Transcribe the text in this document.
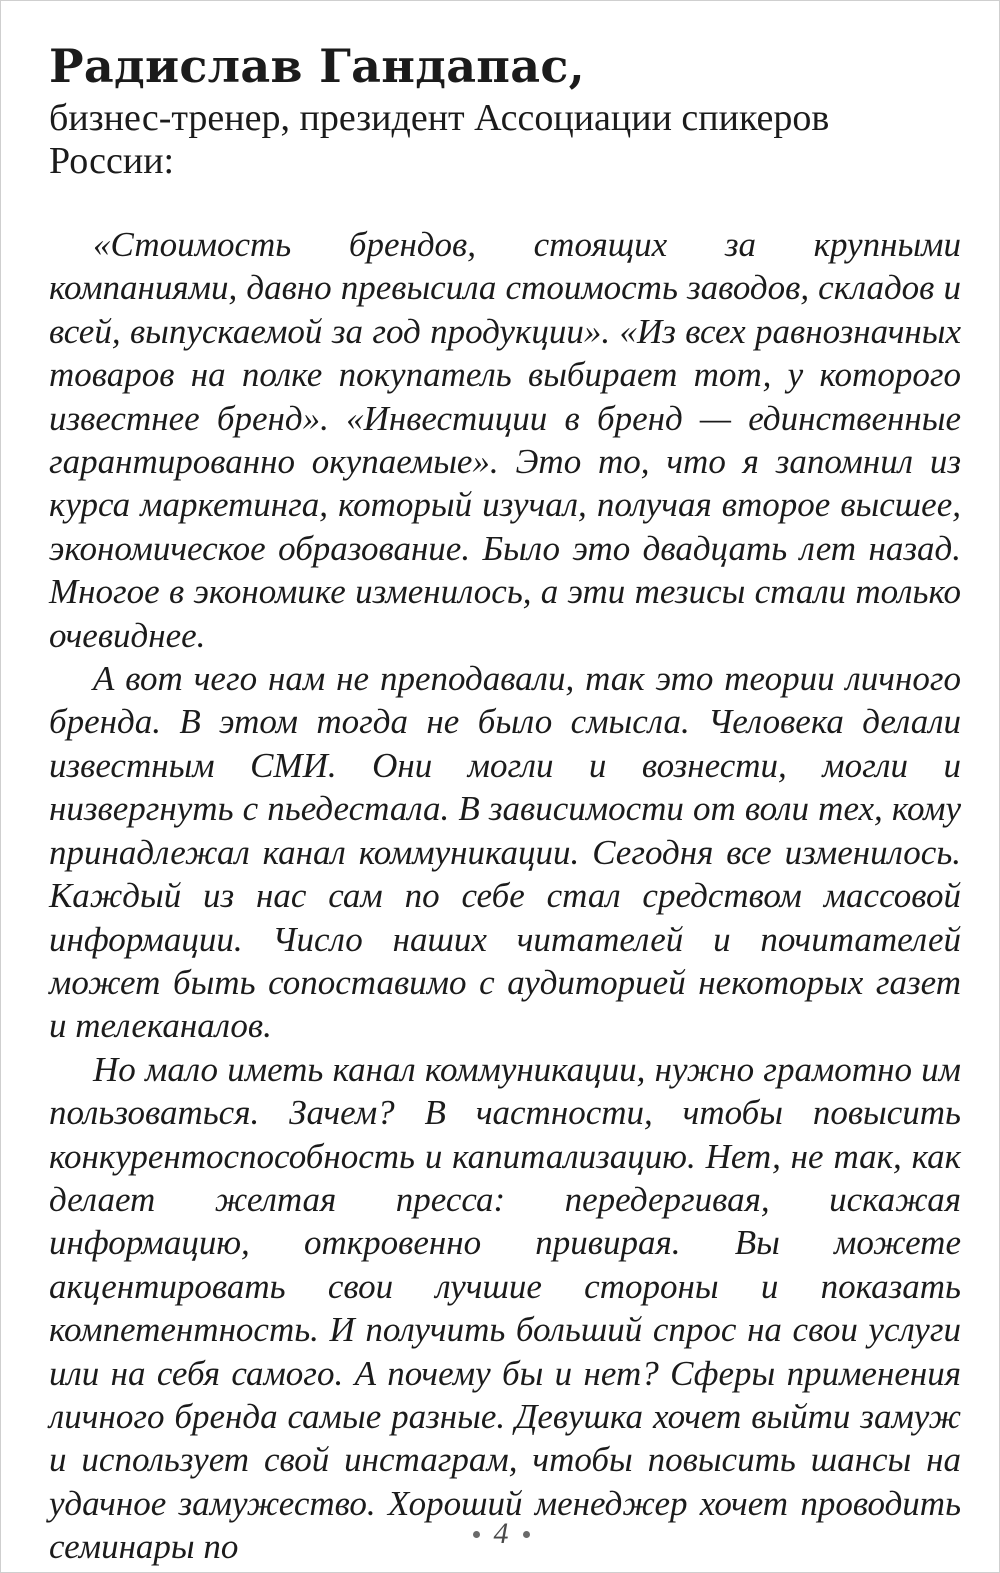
Радислав Гандапас,

бизнес-тренер, президент Ассоциации спикеров России:

«Стоимость брендов, стоящих за крупными компаниями, давно превысила стоимость заводов, складов и всей, выпускаемой за год продукции». «Из всех равнозначных товаров на полке покупатель выбирает тот, у которого известнее бренд». «Инвестиции в бренд — единственные гарантированно окупаемые». Это то, что я запомнил из курса маркетинга, который изучал, получая второе высшее, экономическое образование. Было это двадцать лет назад. Многое в экономике изменилось, а эти тезисы стали только очевиднее.

А вот чего нам не преподавали, так это теории личного бренда. В этом тогда не было смысла. Человека делали известным СМИ. Они могли и вознести, могли и низвергнуть с пьедестала. В зависимости от воли тех, кому принадлежал канал коммуникации. Сегодня все изменилось. Каждый из нас сам по себе стал средством массовой информации. Число наших читателей и почитателей может быть сопоставимо с аудиторией некоторых газет и телеканалов.

Но мало иметь канал коммуникации, нужно грамотно им пользоваться. Зачем? В частности, чтобы повысить конкурентоспособность и капитализацию. Нет, не так, как делает желтая пресса: передергивая, искажая информацию, откровенно привирая. Вы можете акцентировать свои лучшие стороны и показать компетентность. И получить больший спрос на свои услуги или на себя самого. А почему бы и нет? Сферы применения личного бренда самые разные. Девушка хочет выйти замуж и использует свой инстаграм, чтобы повысить шансы на удачное замужество. Хороший менеджер хочет проводить семинары по	4
